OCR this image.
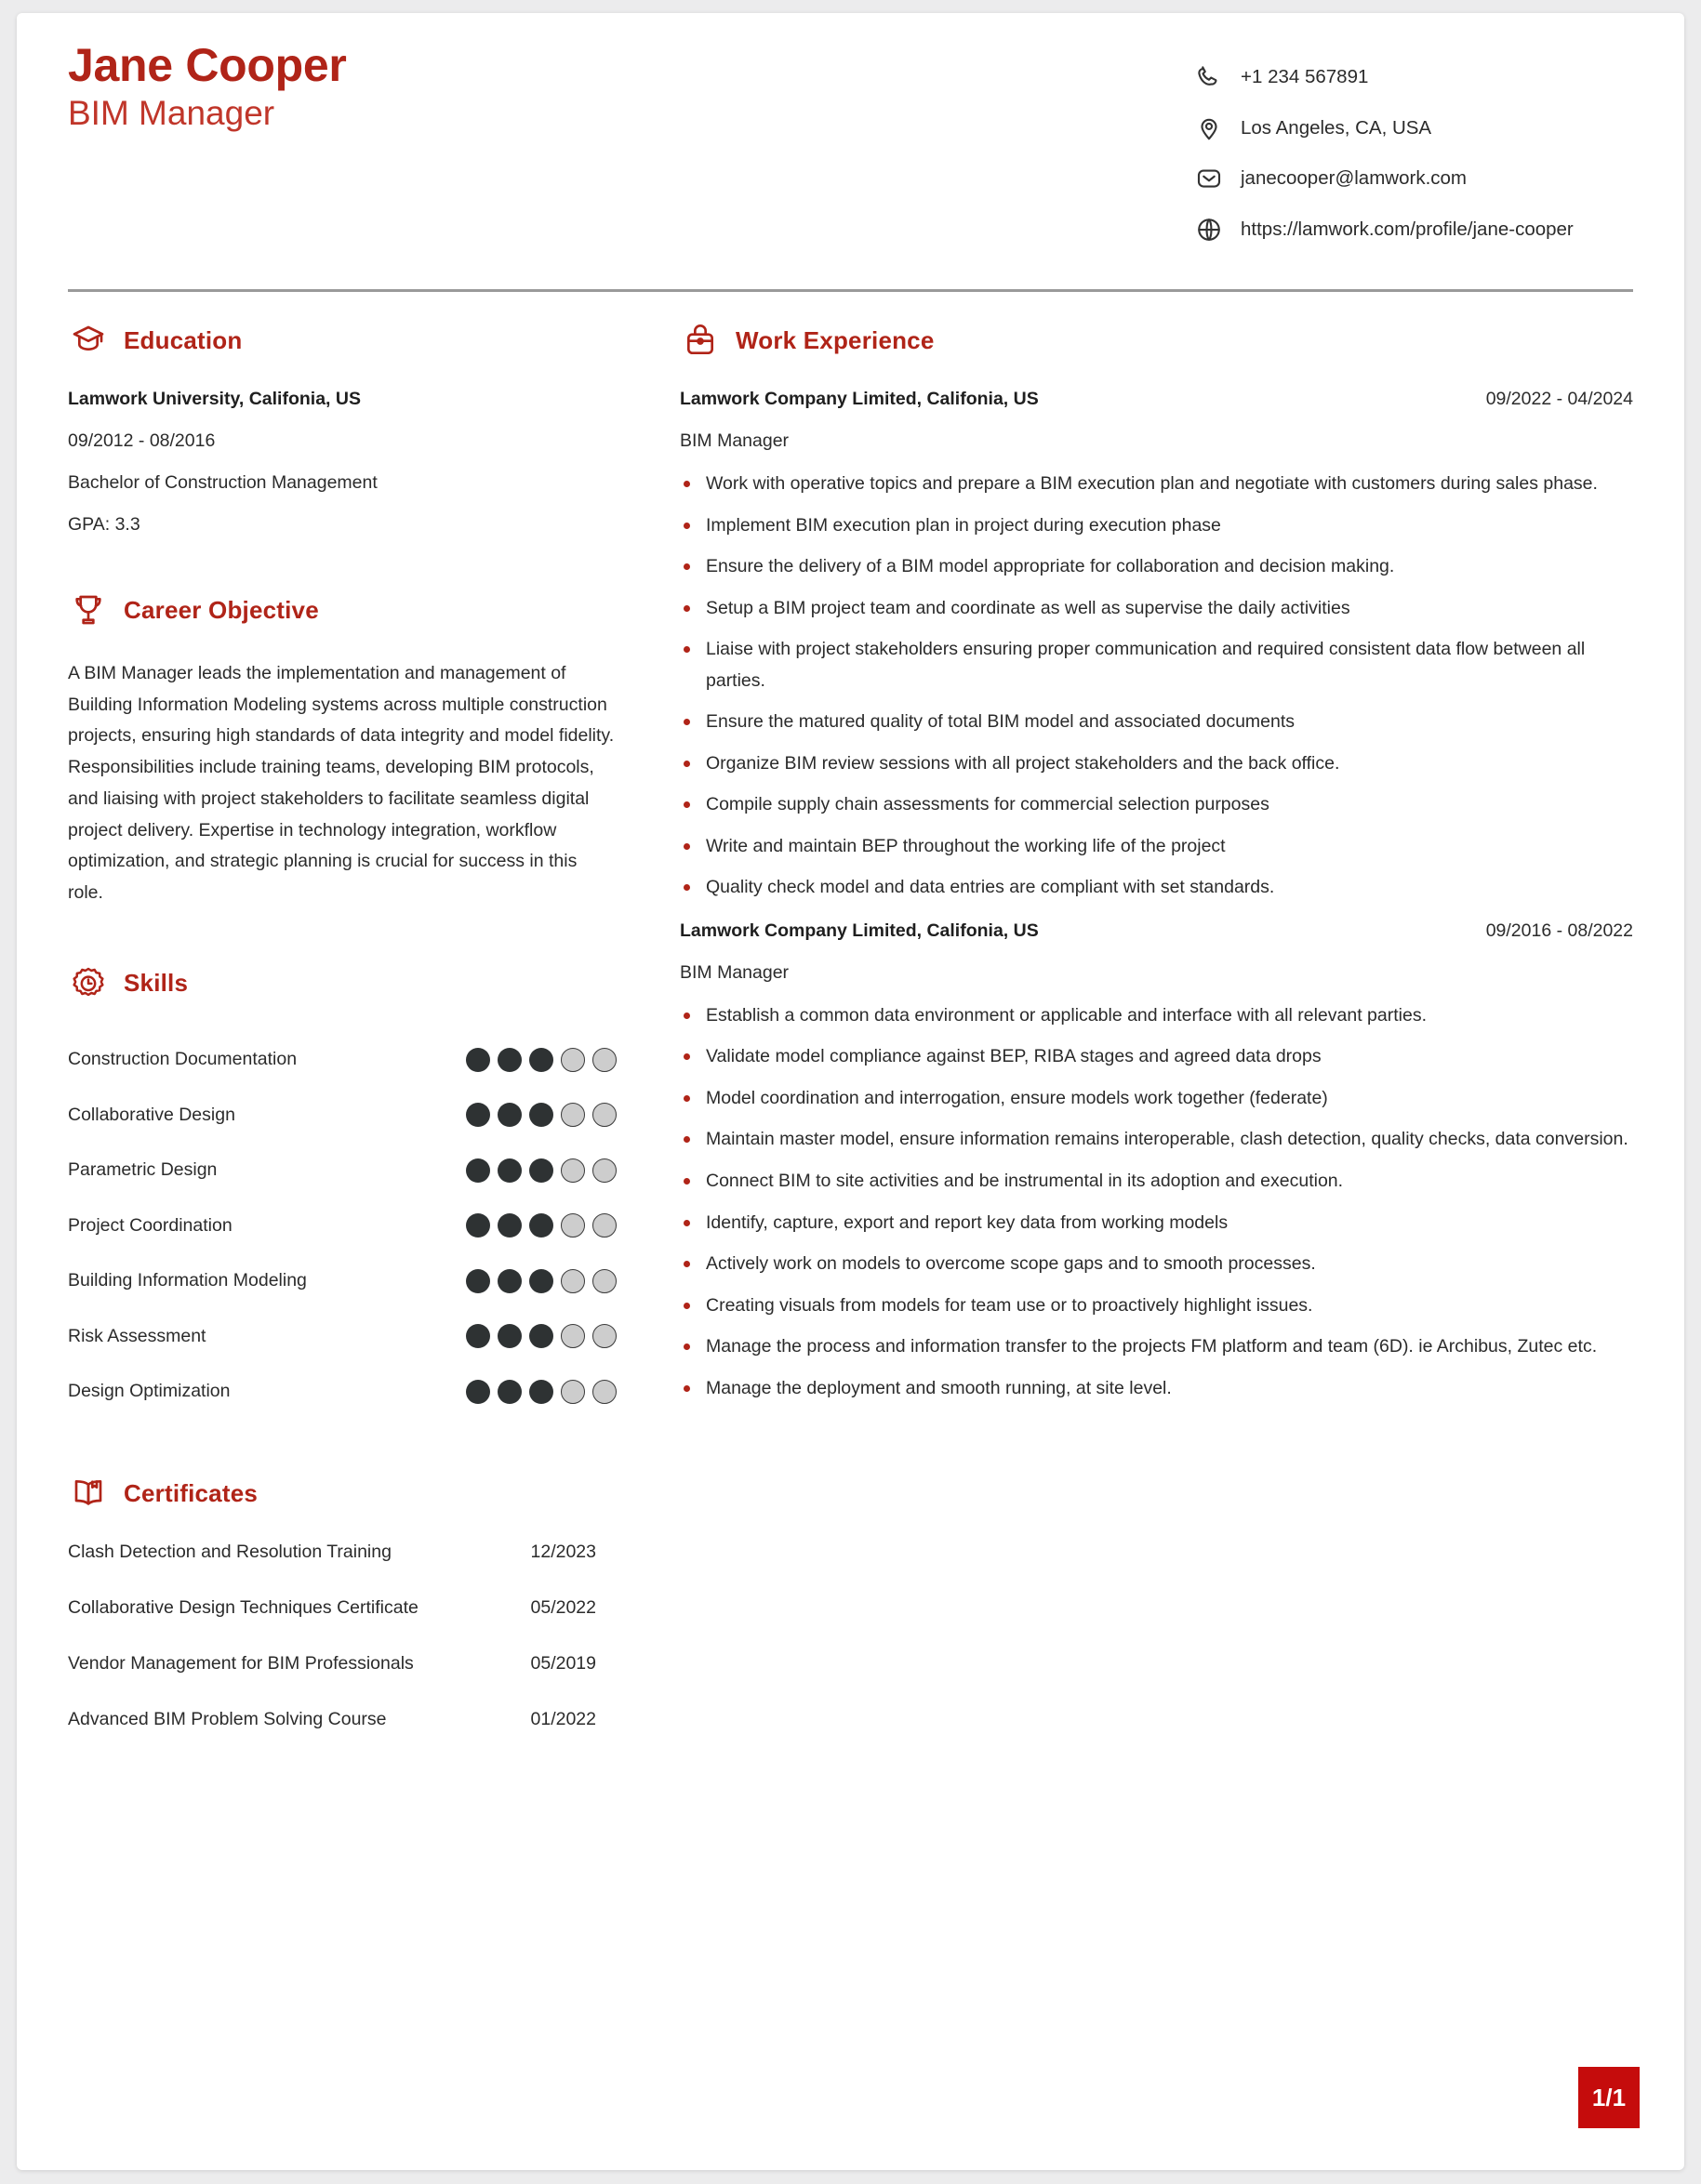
Jane Cooper
BIM Manager
+1 234 567891
Los Angeles, CA, USA
janecooper@lamwork.com
https://lamwork.com/profile/jane-cooper
Education
Lamwork University, Califonia, US
09/2012 - 08/2016
Bachelor of Construction Management
GPA: 3.3
Career Objective
A BIM Manager leads the implementation and management of Building Information Modeling systems across multiple construction projects, ensuring high standards of data integrity and model fidelity. Responsibilities include training teams, developing BIM protocols, and liaising with project stakeholders to facilitate seamless digital project delivery. Expertise in technology integration, workflow optimization, and strategic planning is crucial for success in this role.
Skills
Construction Documentation
Collaborative Design
Parametric Design
Project Coordination
Building Information Modeling
Risk Assessment
Design Optimization
Certificates
Clash Detection and Resolution Training	12/2023
Collaborative Design Techniques Certificate	05/2022
Vendor Management for BIM Professionals	05/2019
Advanced BIM Problem Solving Course	01/2022
Work Experience
Lamwork Company Limited, Califonia, US	09/2022 - 04/2024
BIM Manager
Work with operative topics and prepare a BIM execution plan and negotiate with customers during sales phase.
Implement BIM execution plan in project during execution phase
Ensure the delivery of a BIM model appropriate for collaboration and decision making.
Setup a BIM project team and coordinate as well as supervise the daily activities
Liaise with project stakeholders ensuring proper communication and required consistent data flow between all parties.
Ensure the matured quality of total BIM model and associated documents
Organize BIM review sessions with all project stakeholders and the back office.
Compile supply chain assessments for commercial selection purposes
Write and maintain BEP throughout the working life of the project
Quality check model and data entries are compliant with set standards.
Lamwork Company Limited, Califonia, US	09/2016 - 08/2022
BIM Manager
Establish a common data environment or applicable and interface with all relevant parties.
Validate model compliance against BEP, RIBA stages and agreed data drops
Model coordination and interrogation, ensure models work together (federate)
Maintain master model, ensure information remains interoperable, clash detection, quality checks, data conversion.
Connect BIM to site activities and be instrumental in its adoption and execution.
Identify, capture, export and report key data from working models
Actively work on models to overcome scope gaps and to smooth processes.
Creating visuals from models for team use or to proactively highlight issues.
Manage the process and information transfer to the projects FM platform and team (6D). ie Archibus, Zutec etc.
Manage the deployment and smooth running, at site level.
1/1
